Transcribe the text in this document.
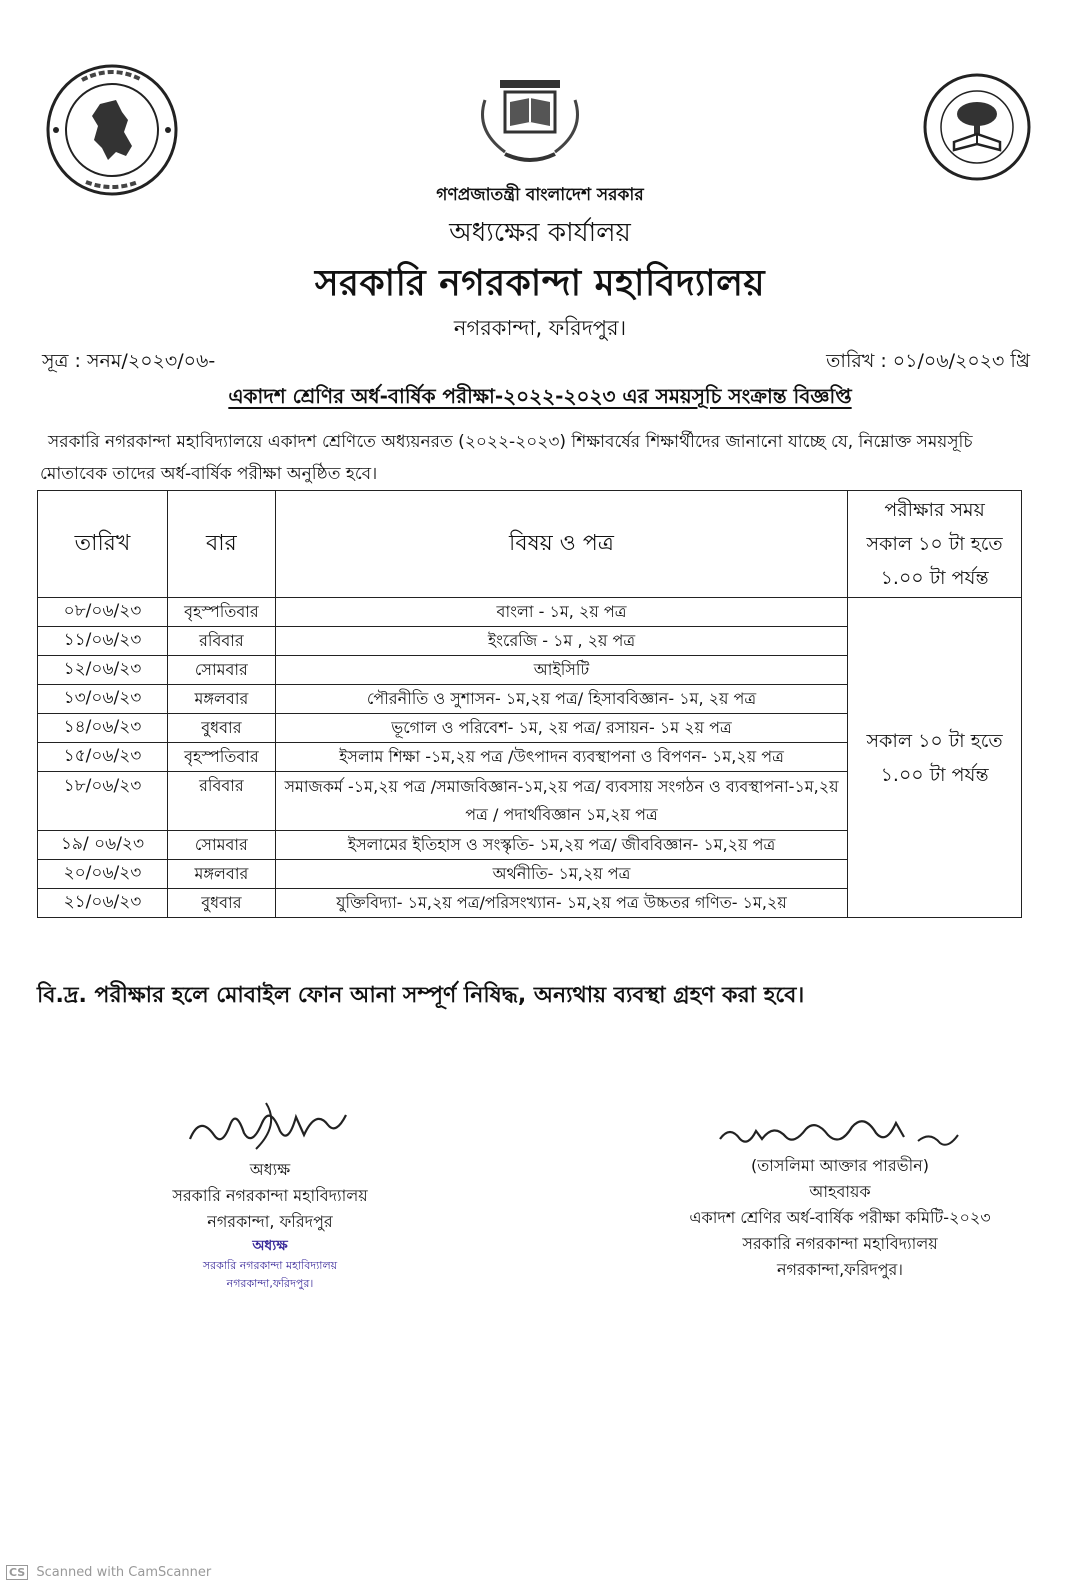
গণপ্রজাতন্ত্রী বাংলাদেশ সরকার
অধ্যক্ষের কার্যালয়
সরকারি নগরকান্দা মহাবিদ্যালয়
নগরকান্দা, ফরিদপুর।
সূত্র : সনম/২০২৩/০৬-	তারিখ : ০১/০৬/২০২৩ খ্রি
একাদশ শ্রেণির অর্ধ-বার্ষিক পরীক্ষা-২০২২-২০২৩ এর সময়সূচি সংক্রান্ত বিজ্ঞপ্তি
সরকারি নগরকান্দা মহাবিদ্যালয়ে একাদশ শ্রেণিতে অধ্যয়নরত (২০২২-২০২৩) শিক্ষাবর্ষের শিক্ষার্থীদের জানানো যাচ্ছে যে, নিম্নোক্ত সময়সূচি মোতাবেক তাদের অর্ধ-বার্ষিক পরীক্ষা অনুষ্ঠিত হবে।
তারিখ	বার	বিষয় ও পত্র	পরীক্ষার সময়
সকাল ১০ টা হতে
১.০০ টা পর্যন্ত

০৮/০৬/২৩	বৃহস্পতিবার	বাংলা - ১ম, ২য় পত্র	সকাল ১০ টা হতে
১.০০ টা পর্যন্ত

১১/০৬/২৩	রবিবার	ইংরেজি - ১ম , ২য় পত্র	
১২/০৬/২৩	সোমবার	আইসিটি	
১৩/০৬/২৩	মঙ্গলবার	পৌরনীতি ও সুশাসন- ১ম,২য় পত্র/ হিসাববিজ্ঞান- ১ম, ২য় পত্র	
১৪/০৬/২৩	বুধবার	ভূগোল ও পরিবেশ- ১ম, ২য় পত্র/ রসায়ন- ১ম ২য় পত্র	
১৫/০৬/২৩	বৃহস্পতিবার	ইসলাম শিক্ষা -১ম,২য় পত্র /উৎপাদন ব্যবস্থাপনা ও বিপণন- ১ম,২য় পত্র	
১৮/০৬/২৩	রবিবার	সমাজকর্ম -১ম,২য় পত্র /সমাজবিজ্ঞান-১ম,২য় পত্র/ ব্যবসায় সংগঠন ও ব্যবস্থাপনা-১ম,২য় পত্র / পদার্থবিজ্ঞান ১ম,২য় পত্র	
১৯/ ০৬/২৩	সোমবার	ইসলামের ইতিহাস ও সংস্কৃতি- ১ম,২য় পত্র/ জীববিজ্ঞান- ১ম,২য় পত্র	
২০/০৬/২৩	মঙ্গলবার	অর্থনীতি- ১ম,২য় পত্র	
২১/০৬/২৩	বুধবার	যুক্তিবিদ্যা- ১ম,২য় পত্র/পরিসংখ্যান- ১ম,২য় পত্র উচ্চতর গণিত- ১ম,২য়	
বি.দ্র. পরীক্ষার হলে মোবাইল ফোন আনা সম্পূর্ণ নিষিদ্ধ, অন্যথায় ব্যবস্থা গ্রহণ করা হবে।
অধ্যক্ষ
সরকারি নগরকান্দা মহাবিদ্যালয়
নগরকান্দা, ফরিদপুর
অধ্যক্ষ
সরকারি নগরকান্দা মহাবিদ্যালয়
নগরকান্দা,ফরিদপুর।
(তাসলিমা আক্তার পারভীন)
আহবায়ক
একাদশ শ্রেণির অর্ধ-বার্ষিক পরীক্ষা কমিটি-২০২৩
সরকারি নগরকান্দা মহাবিদ্যালয়
নগরকান্দা,ফরিদপুর।
CS Scanned with CamScanner
